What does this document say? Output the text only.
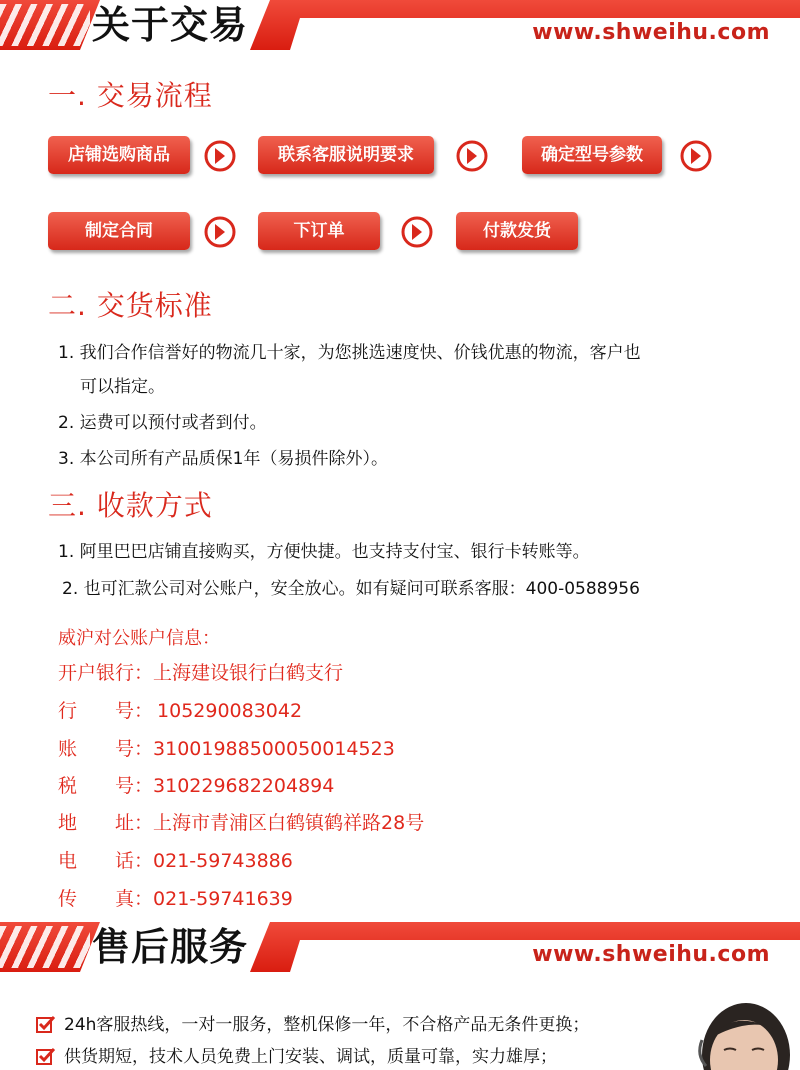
关于交易	www.shweihu.com
一. 交易流程
店铺选购商品	联系客服说明要求	确定型号参数
制定合同	下订单	付款发货
二. 交货标准
1. 我们合作信誉好的物流几十家，为您挑选速度快、价钱优惠的物流，客户也
可以指定。
2. 运费可以预付或者到付。
3. 本公司所有产品质保1年（易损件除外）。
三. 收款方式
1. 阿里巴巴店铺直接购买，方便快捷。也支持支付宝、银行卡转账等。
2. 也可汇款公司对公账户，安全放心。如有疑问可联系客服：400-0588956
威沪对公账户信息：
开户银行：上海建设银行白鹤支行
行　　号： 105290083042
账　　号：31001988500050014523
税　　号：310229682204894
地　　址：上海市青浦区白鹤镇鹤祥路28号
电　　话：021-59743886
传　　真：021-59741639
售后服务	www.shweihu.com
24h客服热线，一对一服务，整机保修一年，不合格产品无条件更换；
供货期短，技术人员免费上门安装、调试，质量可靠，实力雄厚；
